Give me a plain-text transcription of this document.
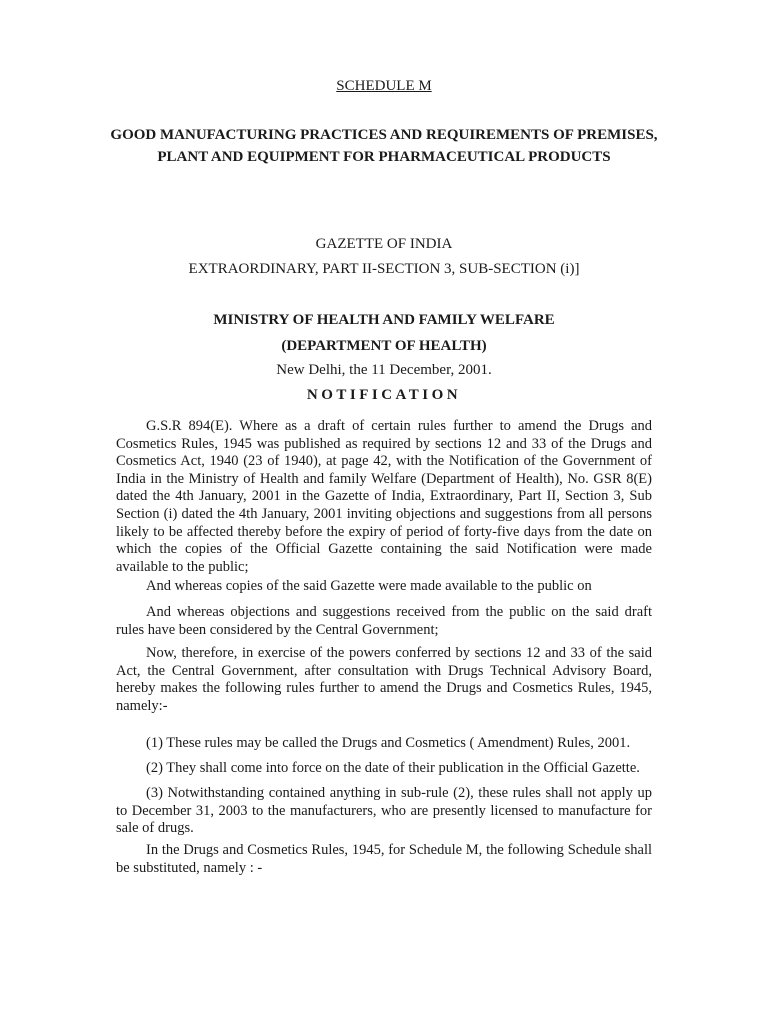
SCHEDULE M
GOOD MANUFACTURING PRACTICES AND REQUIREMENTS OF PREMISES,
PLANT AND EQUIPMENT FOR PHARMACEUTICAL PRODUCTS
GAZETTE OF INDIA
EXTRAORDINARY, PART II-SECTION 3, SUB-SECTION (i)]
MINISTRY OF HEALTH AND FAMILY WELFARE
(DEPARTMENT OF HEALTH)
New Delhi, the 11 December, 2001.
NOTIFICATION
G.S.R 894(E). Where as a draft of certain rules further to amend the Drugs and Cosmetics Rules, 1945 was published as required by sections 12 and 33 of the Drugs and Cosmetics Act, 1940 (23 of 1940), at page 42, with the Notification of the Government of India in the Ministry of Health and family Welfare (Department of Health), No. GSR 8(E) dated the 4th January, 2001 in the Gazette of India, Extraordinary, Part II, Section 3, Sub Section (i) dated the 4th January, 2001 inviting objections and suggestions from all persons likely to be affected thereby before the expiry of period of forty-five days from the date on which the copies of the Official Gazette containing the said Notification were made available to the public;
And whereas copies of the said Gazette were made available to the public on
And whereas objections and suggestions received from the public on the said draft rules have been considered by the Central Government;
Now, therefore, in exercise of the powers conferred by sections 12 and 33 of the said Act, the Central Government, after consultation with Drugs Technical Advisory Board, hereby makes the following rules further to amend the Drugs and Cosmetics Rules, 1945, namely:-
(1) These rules may be called the Drugs and Cosmetics ( Amendment) Rules, 2001.
(2) They shall come into force on the date of their publication in the Official Gazette.
(3) Notwithstanding contained anything in sub-rule (2), these rules shall not apply up to December 31, 2003 to the manufacturers, who are presently licensed to manufacture for sale of drugs.
In the Drugs and Cosmetics Rules, 1945, for Schedule M, the following Schedule shall be substituted, namely : -
